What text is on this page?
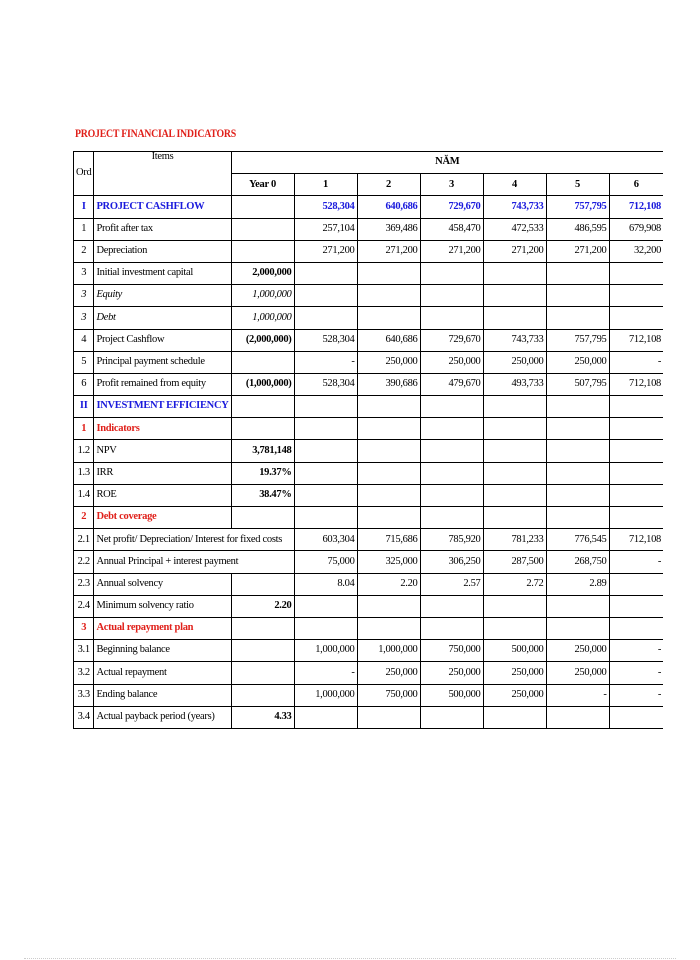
PROJECT FINANCIAL INDICATORS
Ord	Items	NĂM						
		Year 0	1	2	3	4	5	6
I	PROJECT CASHFLOW		528,304	640,686	729,670	743,733	757,795	712,108
1	Profit after tax		257,104	369,486	458,470	472,533	486,595	679,908
2	Depreciation		271,200	271,200	271,200	271,200	271,200	32,200
3	Initial investment capital	2,000,000						
3	Equity	1,000,000						
3	Debt	1,000,000						
4	Project Cashflow	(2,000,000)	528,304	640,686	729,670	743,733	757,795	712,108
5	Principal payment schedule		-	250,000	250,000	250,000	250,000	-
6	Profit remained from equity	(1,000,000)	528,304	390,686	479,670	493,733	507,795	712,108
II	INVESTMENT EFFICIENCY							
1	Indicators							
1.2	NPV	3,781,148						
1.3	IRR	19.37%						
1.4	ROE	38.47%						
2	Debt coverage							
2.1	Net profit/ Depreciation/ Interest for fixed costs		603,304	715,686	785,920	781,233	776,545	712,108
2.2	Annual Principal + interest payment		75,000	325,000	306,250	287,500	268,750	-
2.3	Annual solvency		8.04	2.20	2.57	2.72	2.89	
2.4	Minimum solvency ratio	2.20						
3	Actual repayment plan							
3.1	Beginning balance		1,000,000	1,000,000	750,000	500,000	250,000	-
3.2	Actual repayment		-	250,000	250,000	250,000	250,000	-
3.3	Ending balance		1,000,000	750,000	500,000	250,000	-	-
3.4	Actual payback period (years)	4.33						
